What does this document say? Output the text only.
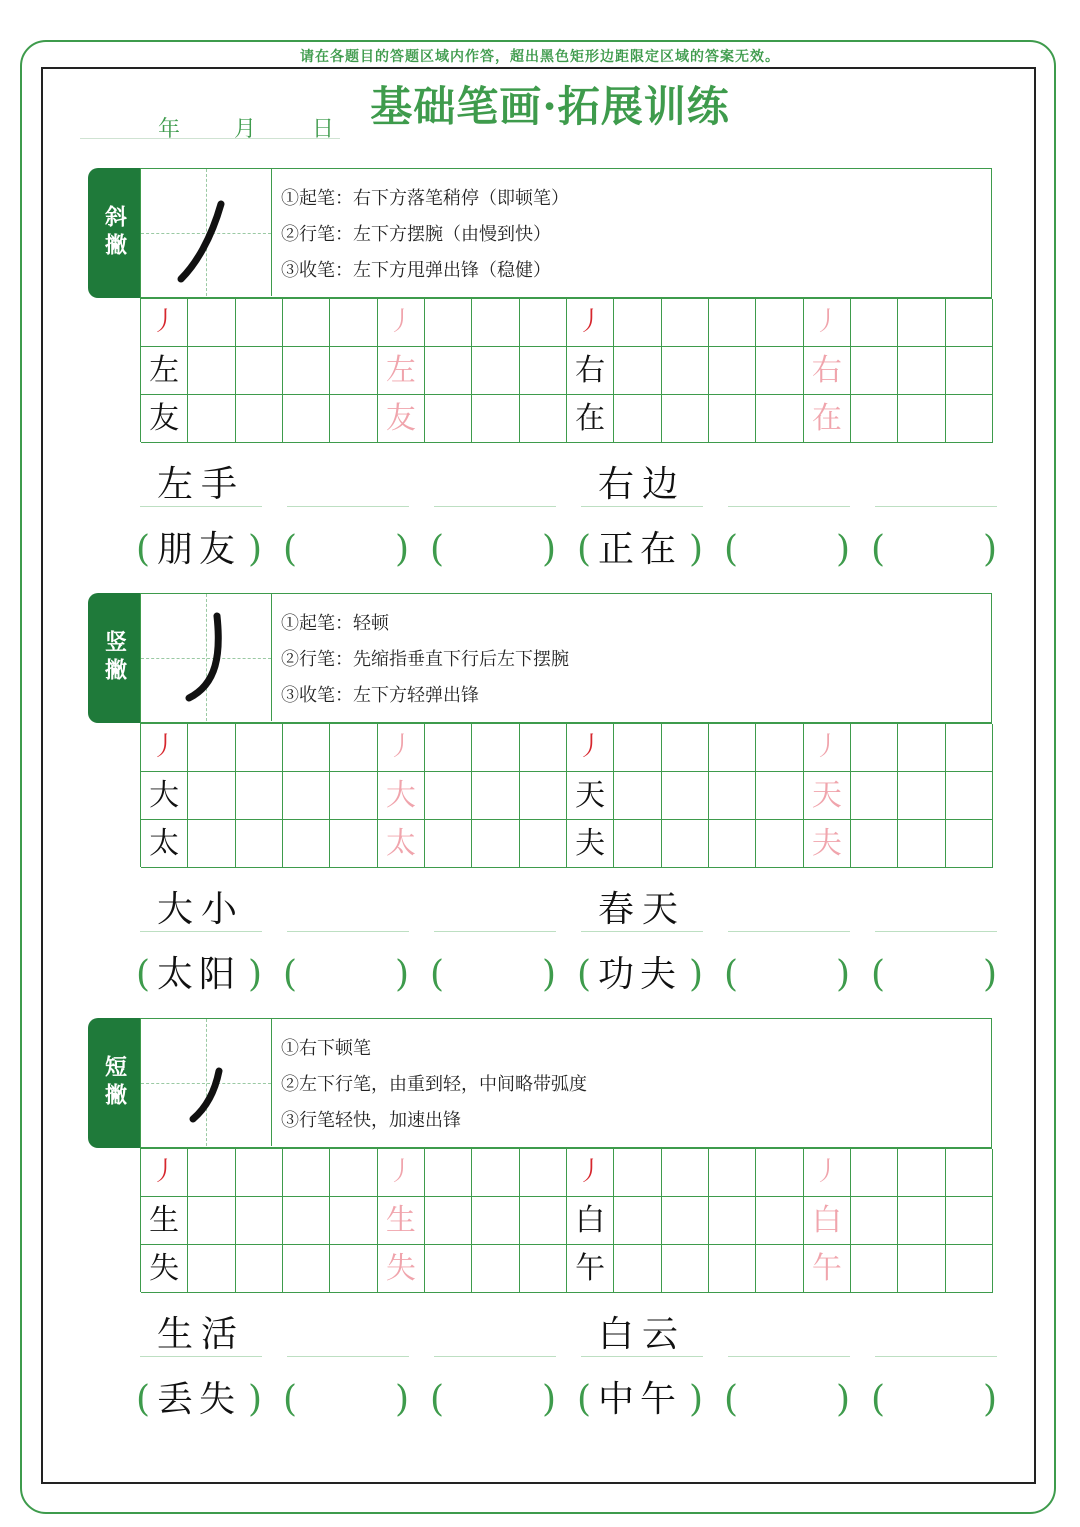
请在各题目的答题区域内作答，超出黑色矩形边距限定区域的答案无效。
基础笔画·拓展训练
年 月	日
斜撇
①起笔：右下方落笔稍停（即顿笔）
②行笔：左下方摆腕（由慢到快）
③收笔：左下方甩弹出锋（稳健）
丿	丿	丿	丿
左	左	右	右
友	友	在	在
左手	右边
( 朋友 ) (	) (	) ( 正在 ) (	) (	)
竖撇
①起笔：轻顿
②行笔：先缩指垂直下行后左下摆腕
③收笔：左下方轻弹出锋
丿	丿	丿	丿
大	大	天	天
太	太	夫	夫
大小	春天
( 太阳 ) (	) (	) ( 功夫 ) (	) (	)
短撇
①右下顿笔
②左下行笔，由重到轻，中间略带弧度
③行笔轻快，加速出锋
丿	丿	丿	丿
生	生	白	白
失	失	午	午
生活	白云
( 丢失 ) (	) (	) ( 中午 ) (	) (	)
